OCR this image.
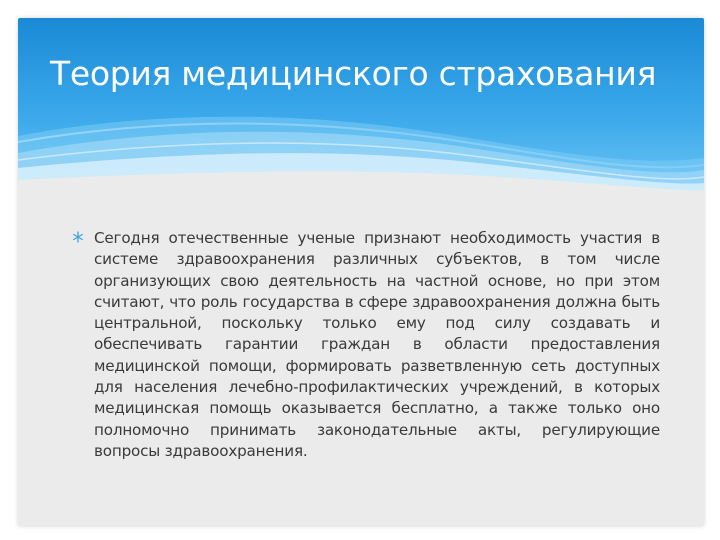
Теория медицинского страхования

Сегодня отечественные ученые признают необходимость участия в системе здравоохранения различных субъектов, в том числе организующих свою деятельность на частной основе, но при этом считают, что роль государства в сфере здравоохранения должна быть центральной, поскольку только ему под силу создавать и обеспечивать гарантии граждан в области предоставления медицинской помощи, формировать разветвленную сеть доступных для населения лечебно-профилактических учреждений, в которых медицинская помощь оказывается бесплатно, а также только оно полномочно принимать законодательные акты, регулирующие вопросы здравоохранения.
